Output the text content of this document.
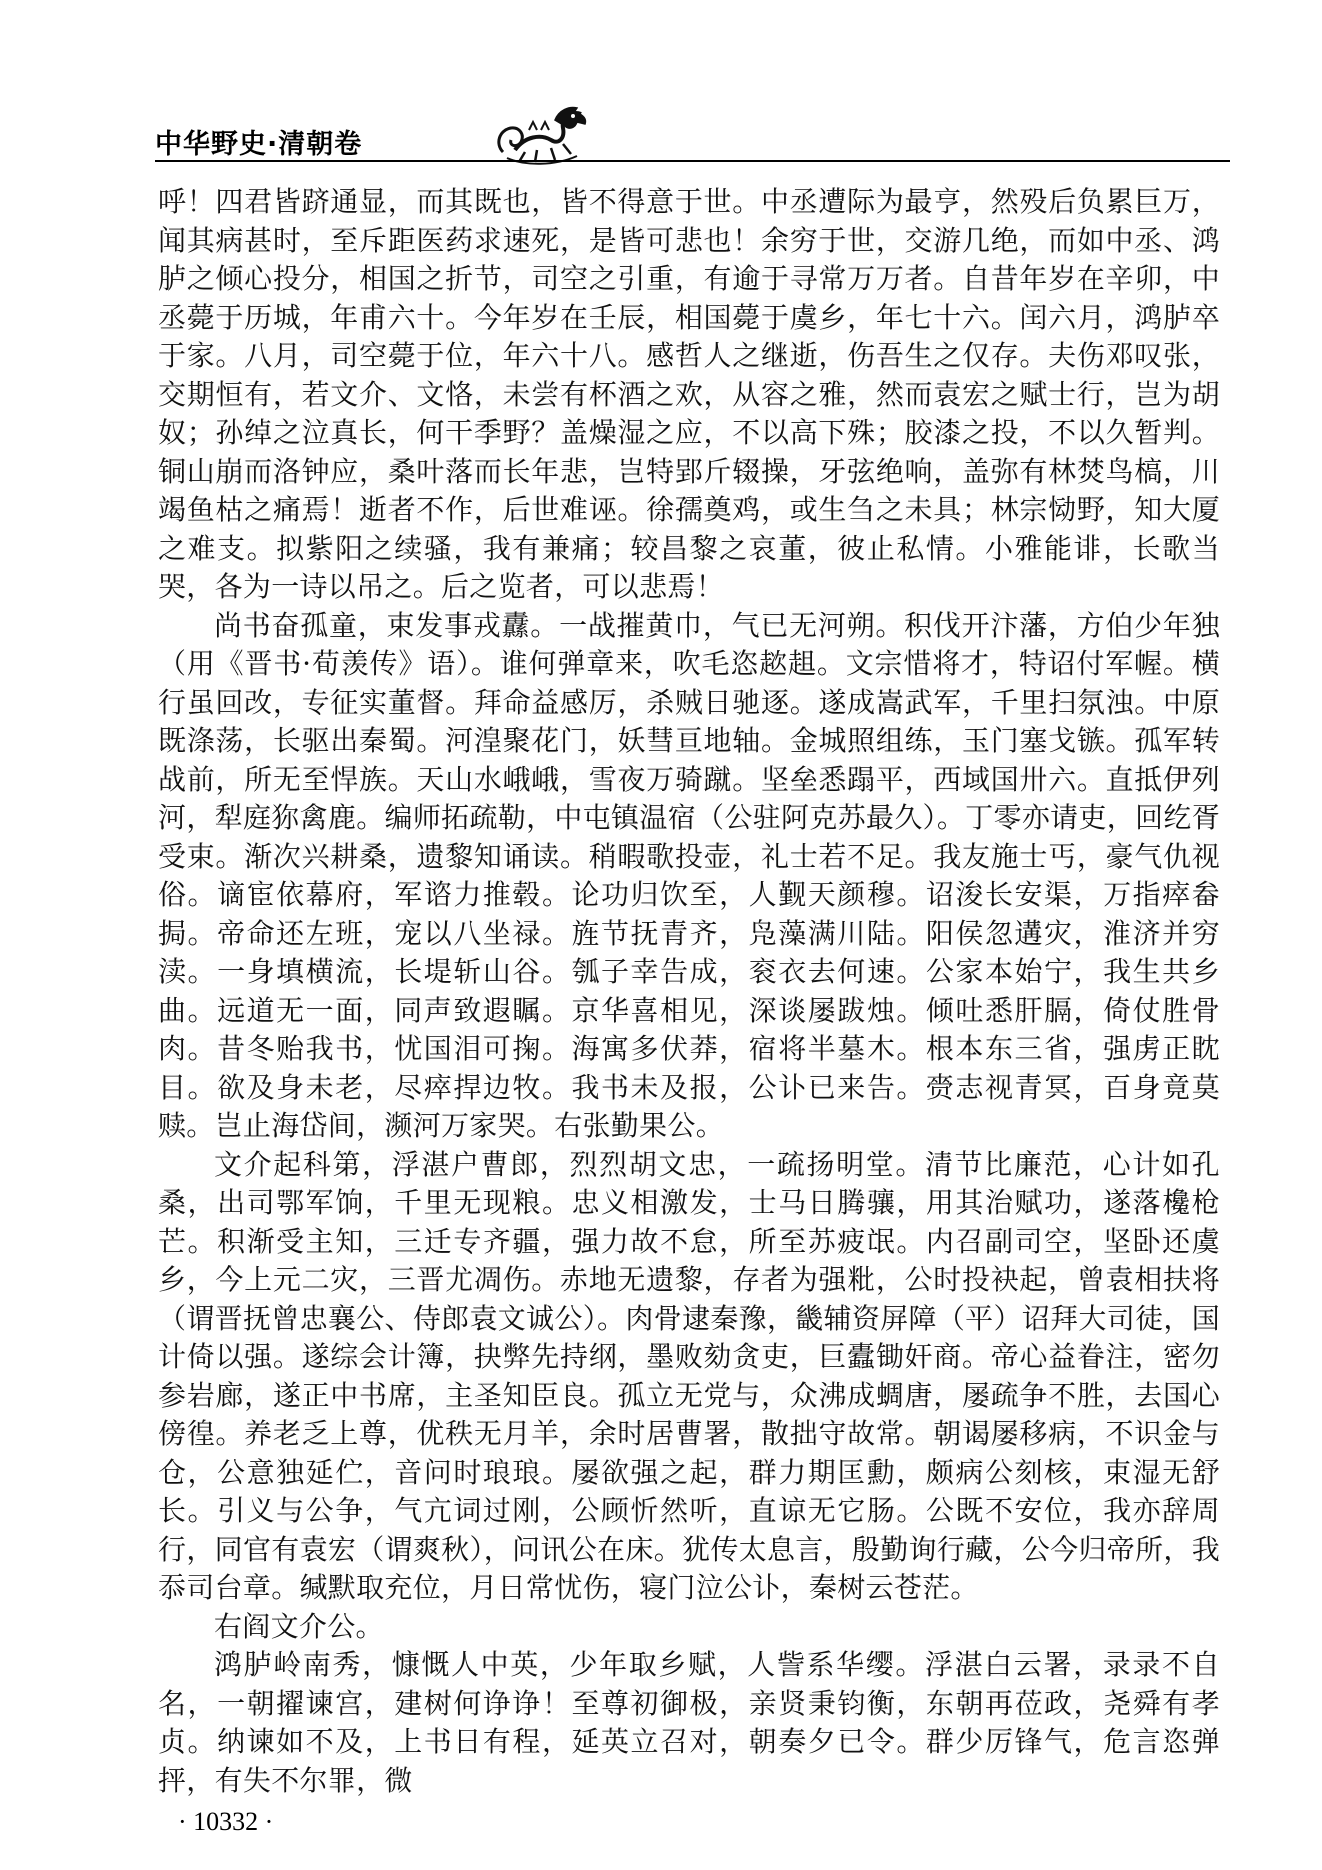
中华野史·清朝卷

呼！四君皆跻通显，而其既也，皆不得意于世。中丞遭际为最亨，然殁后负累巨万，闻其病甚时，至斥距医药求速死，是皆可悲也！余穷于世，交游几绝，而如中丞、鸿胪之倾心投分，相国之折节，司空之引重，有逾于寻常万万者。自昔年岁在辛卯，中丞薨于历城，年甫六十。今年岁在壬辰，相国薨于虞乡，年七十六。闰六月，鸿胪卒于家。八月，司空薨于位，年六十八。感哲人之继逝，伤吾生之仅存。夫伤邓叹张，交期恒有，若文介、文恪，未尝有杯酒之欢，从容之雅，然而袁宏之赋士行，岂为胡奴；孙绰之泣真长，何干季野？盖燥湿之应，不以高下殊；胶漆之投，不以久暂判。铜山崩而洛钟应，桑叶落而长年悲，岂特郢斤辍操，牙弦绝响，盖弥有林焚鸟槁，川竭鱼枯之痛焉！逝者不作，后世难诬。徐孺奠鸡，或生刍之未具；林宗恸野，知大厦之难支。拟紫阳之续骚，我有兼痛；较昌黎之哀董，彼止私情。小雅能诽，长歌当哭，各为一诗以吊之。后之览者，可以悲焉！

尚书奋孤童，束发事戎纛。一战摧黄巾，气已无河朔。积伐开汴藩，方伯少年独（用《晋书·荀羡传》语）。谁何弹章来，吹毛恣趑趄。文宗惜将才，特诏付军幄。横行虽回改，专征实董督。拜命益感厉，杀贼日驰逐。遂成嵩武军，千里扫氛浊。中原既涤荡，长驱出秦蜀。河湟聚花门，妖彗亘地轴。金城照组练，玉门塞戈镞。孤军转战前，所无至悍族。天山水峨峨，雪夜万骑蹴。坚垒悉蹋平，西域国卅六。直抵伊列河，犁庭狝禽鹿。编师拓疏勒，中屯镇温宿（公驻阿克苏最久）。丁零亦请吏，回纥胥受束。渐次兴耕桑，遗黎知诵读。稍暇歌投壶，礼士若不足。我友施士丐，豪气仇视俗。谪宦依幕府，军谘力推毂。论功归饮至，人觐天颜穆。诏浚长安渠，万指瘁畚挶。帝命还左班，宠以八坐禄。旌节抚青齐，凫藻满川陆。阳侯忽遘灾，淮济并穷渎。一身填横流，长堤斩山谷。瓠子幸告成，衮衣去何速。公家本始宁，我生共乡曲。远道无一面，同声致遐瞩。京华喜相见，深谈屡跋烛。倾吐悉肝膈，倚仗胜骨肉。昔冬贻我书，忧国泪可掬。海寓多伏莽，宿将半墓木。根本东三省，强虏正眈目。欲及身未老，尽瘁捍边牧。我书未及报，公讣已来告。赍志视青冥，百身竟莫赎。岂止海岱间，濒河万家哭。右张勤果公。

文介起科第，浮湛户曹郎，烈烈胡文忠，一疏扬明堂。清节比廉范，心计如孔桑，出司鄂军饷，千里无现粮。忠义相激发，士马日腾骧，用其治赋功，遂落欃枪芒。积渐受主知，三迁专齐疆，强力故不怠，所至苏疲氓。内召副司空，坚卧还虞乡，今上元二灾，三晋尤凋伤。赤地无遗黎，存者为强粃，公时投袂起，曾袁相扶将（谓晋抚曾忠襄公、侍郎袁文诚公）。肉骨逮秦豫，畿辅资屏障（平）诏拜大司徒，国计倚以强。遂综会计簿，抉弊先持纲，墨败劾贪吏，巨蠹锄奸商。帝心益眷注，密勿参岩廊，遂正中书席，主圣知臣良。孤立无党与，众沸成蜩唐，屡疏争不胜，去国心傍徨。养老乏上尊，优秩无月羊，余时居曹署，散拙守故常。朝谒屡移病，不识金与仓，公意独延伫，音问时琅琅。屡欲强之起，群力期匡勳，颇病公刻核，束湿无舒长。引义与公争，气亢词过刚，公顾忻然听，直谅无它肠。公既不安位，我亦辞周行，同官有袁宏（谓爽秋），问讯公在床。犹传太息言，殷勤询行藏，公今归帝所，我忝司台章。缄默取充位，月日常忧伤，寝门泣公讣，秦树云苍茫。

右阎文介公。

鸿胪岭南秀，慷慨人中英，少年取乡赋，人訾系华缨。浮湛白云署，录录不自名，一朝擢谏宫，建树何诤诤！至尊初御极，亲贤秉钧衡，东朝再莅政，尧舜有孝贞。纳谏如不及，上书日有程，延英立召对，朝奏夕已令。群少厉锋气，危言恣弹抨，有失不尔罪，微

· 10332 ·
